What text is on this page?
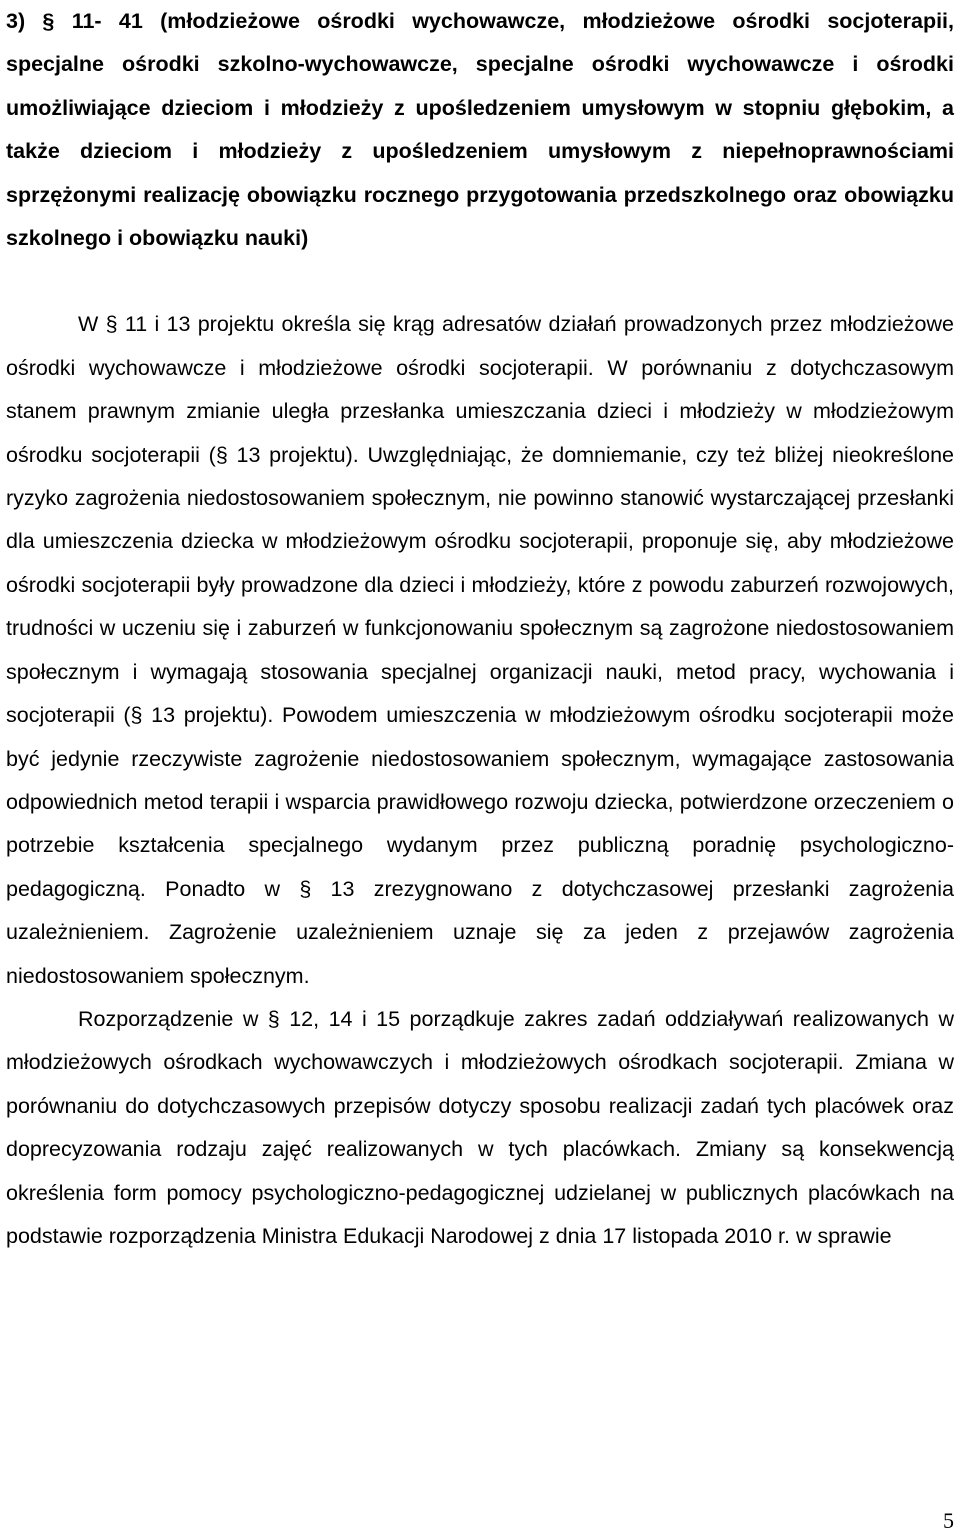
3) § 11- 41 (młodzieżowe ośrodki wychowawcze, młodzieżowe ośrodki socjoterapii, specjalne ośrodki szkolno-wychowawcze, specjalne ośrodki wychowawcze i ośrodki umożliwiające dzieciom i młodzieży z upośledzeniem umysłowym w stopniu głębokim, a także dzieciom i młodzieży z upośledzeniem umysłowym z niepełnoprawnościami sprzężonymi realizację obowiązku rocznego przygotowania przedszkolnego oraz obowiązku szkolnego i obowiązku nauki)

W § 11 i 13 projektu określa się krąg adresatów działań prowadzonych przez młodzieżowe ośrodki wychowawcze i młodzieżowe ośrodki socjoterapii. W porównaniu z dotychczasowym stanem prawnym zmianie uległa przesłanka umieszczania dzieci i młodzieży w młodzieżowym ośrodku socjoterapii (§ 13 projektu). Uwzględniając, że domniemanie, czy też bliżej nieokreślone ryzyko zagrożenia niedostosowaniem społecznym, nie powinno stanowić wystarczającej przesłanki dla umieszczenia dziecka w młodzieżowym ośrodku socjoterapii, proponuje się, aby młodzieżowe ośrodki socjoterapii były prowadzone dla dzieci i młodzieży, które z powodu zaburzeń rozwojowych, trudności w uczeniu się i zaburzeń w funkcjonowaniu społecznym są zagrożone niedostosowaniem społecznym i wymagają stosowania specjalnej organizacji nauki, metod pracy, wychowania i socjoterapii (§ 13 projektu). Powodem umieszczenia w młodzieżowym ośrodku socjoterapii może być jedynie rzeczywiste zagrożenie niedostosowaniem społecznym, wymagające zastosowania odpowiednich metod terapii i wsparcia prawidłowego rozwoju dziecka, potwierdzone orzeczeniem o potrzebie kształcenia specjalnego wydanym przez publiczną poradnię psychologiczno-pedagogiczną. Ponadto w § 13 zrezygnowano z dotychczasowej przesłanki zagrożenia uzależnieniem. Zagrożenie uzależnieniem uznaje się za jeden z przejawów zagrożenia niedostosowaniem społecznym.

Rozporządzenie w § 12, 14 i 15 porządkuje zakres zadań oddziaływań realizowanych w młodzieżowych ośrodkach wychowawczych i młodzieżowych ośrodkach socjoterapii. Zmiana w porównaniu do dotychczasowych przepisów dotyczy sposobu realizacji zadań tych placówek oraz doprecyzowania rodzaju zajęć realizowanych w tych placówkach. Zmiany są konsekwencją określenia form pomocy psychologiczno-pedagogicznej udzielanej w publicznych placówkach na podstawie rozporządzenia Ministra Edukacji Narodowej z dnia 17 listopada 2010 r. w sprawie

5
